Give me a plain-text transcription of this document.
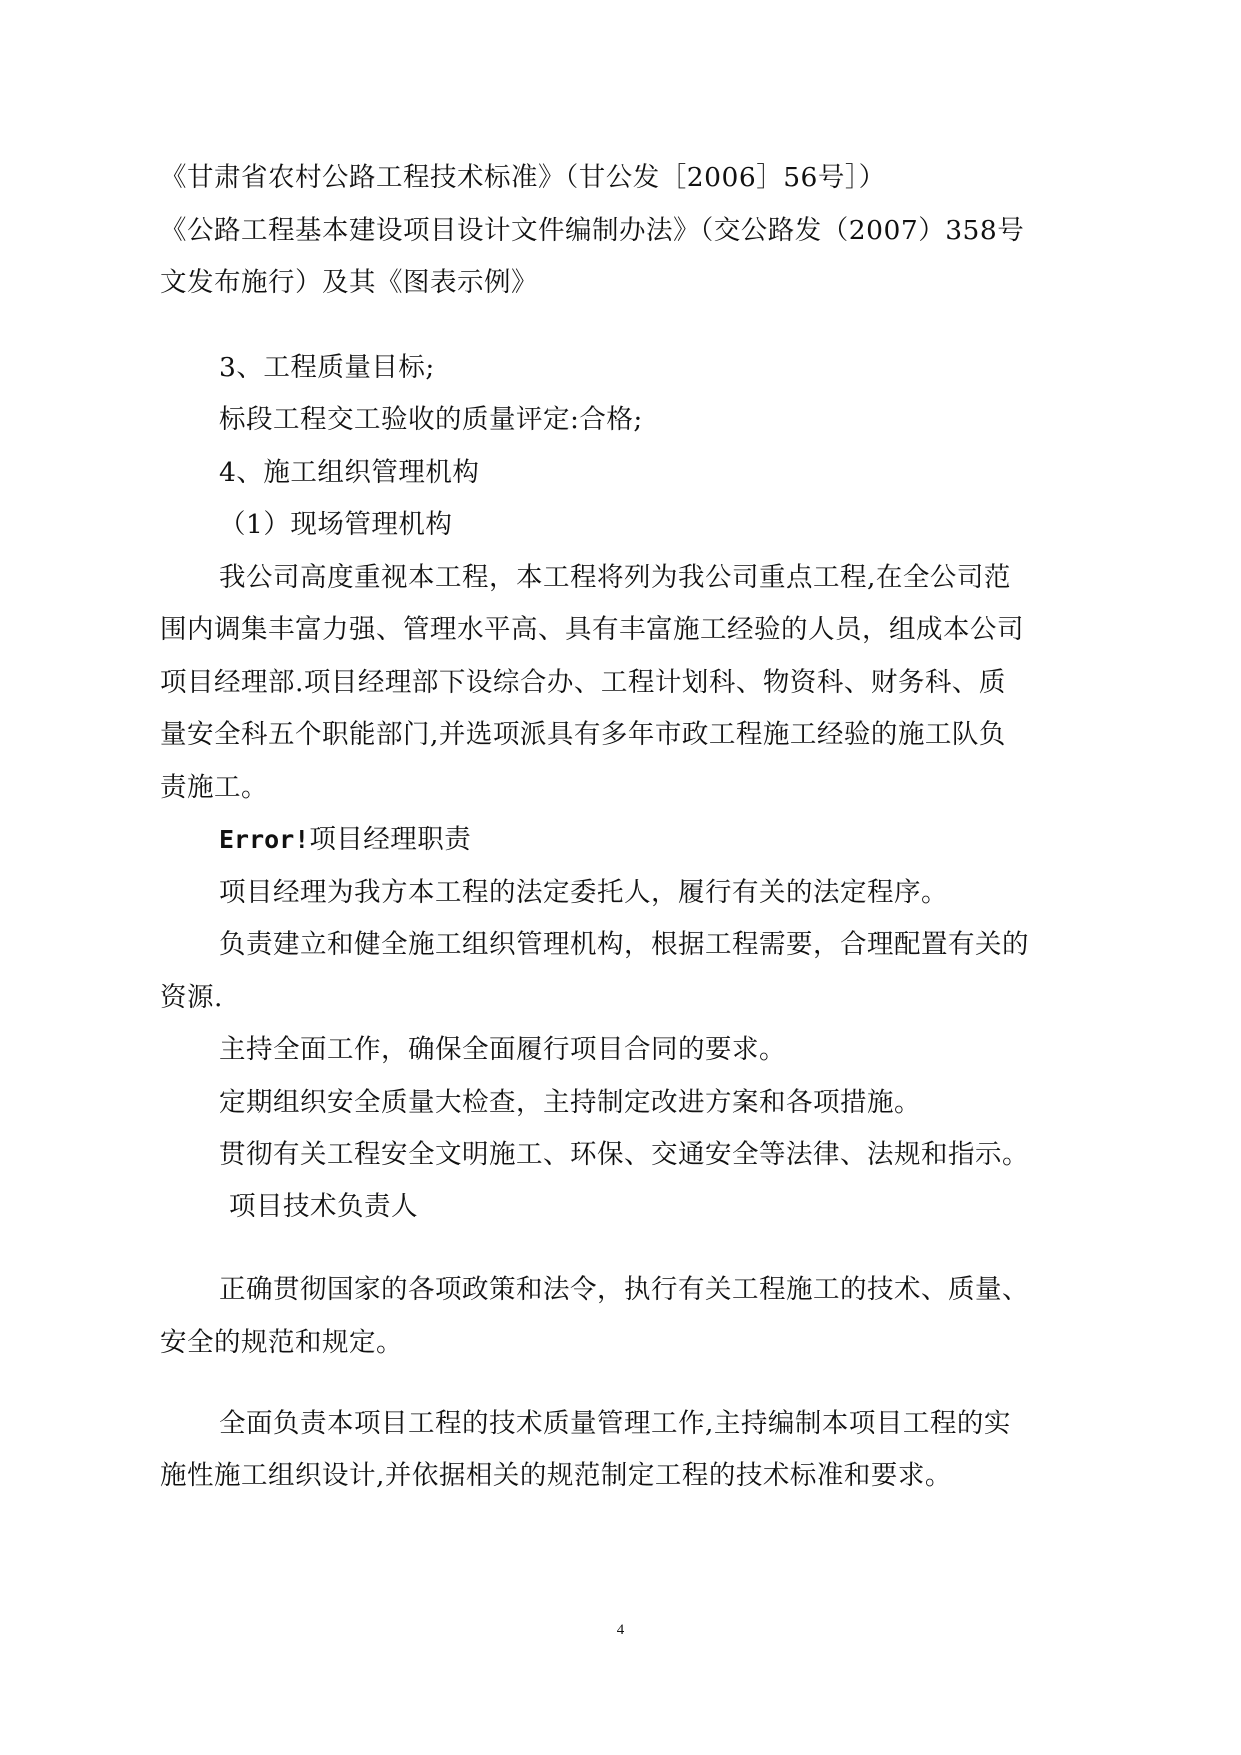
《甘肃省农村公路工程技术标准》（甘公发［2006］56号］）
《公路工程基本建设项目设计文件编制办法》（交公路发（2007）358号
文发布施行）及其《图表示例》
3、工程质量目标;
标段工程交工验收的质量评定:合格;
4、施工组织管理机构
（1）现场管理机构
我公司高度重视本工程，本工程将列为我公司重点工程,在全公司范
围内调集丰富力强、管理水平高、具有丰富施工经验的人员，组成本公司
项目经理部.项目经理部下设综合办、工程计划科、物资科、财务科、质
量安全科五个职能部门,并选项派具有多年市政工程施工经验的施工队负
责施工。
Error!项目经理职责
项目经理为我方本工程的法定委托人，履行有关的法定程序。
负责建立和健全施工组织管理机构，根据工程需要，合理配置有关的
资源.
主持全面工作，确保全面履行项目合同的要求。
定期组织安全质量大检查，主持制定改进方案和各项措施。
贯彻有关工程安全文明施工、环保、交通安全等法律、法规和指示。
项目技术负责人
正确贯彻国家的各项政策和法令，执行有关工程施工的技术、质量、
安全的规范和规定。
全面负责本项目工程的技术质量管理工作,主持编制本项目工程的实
施性施工组织设计,并依据相关的规范制定工程的技术标准和要求。
4
